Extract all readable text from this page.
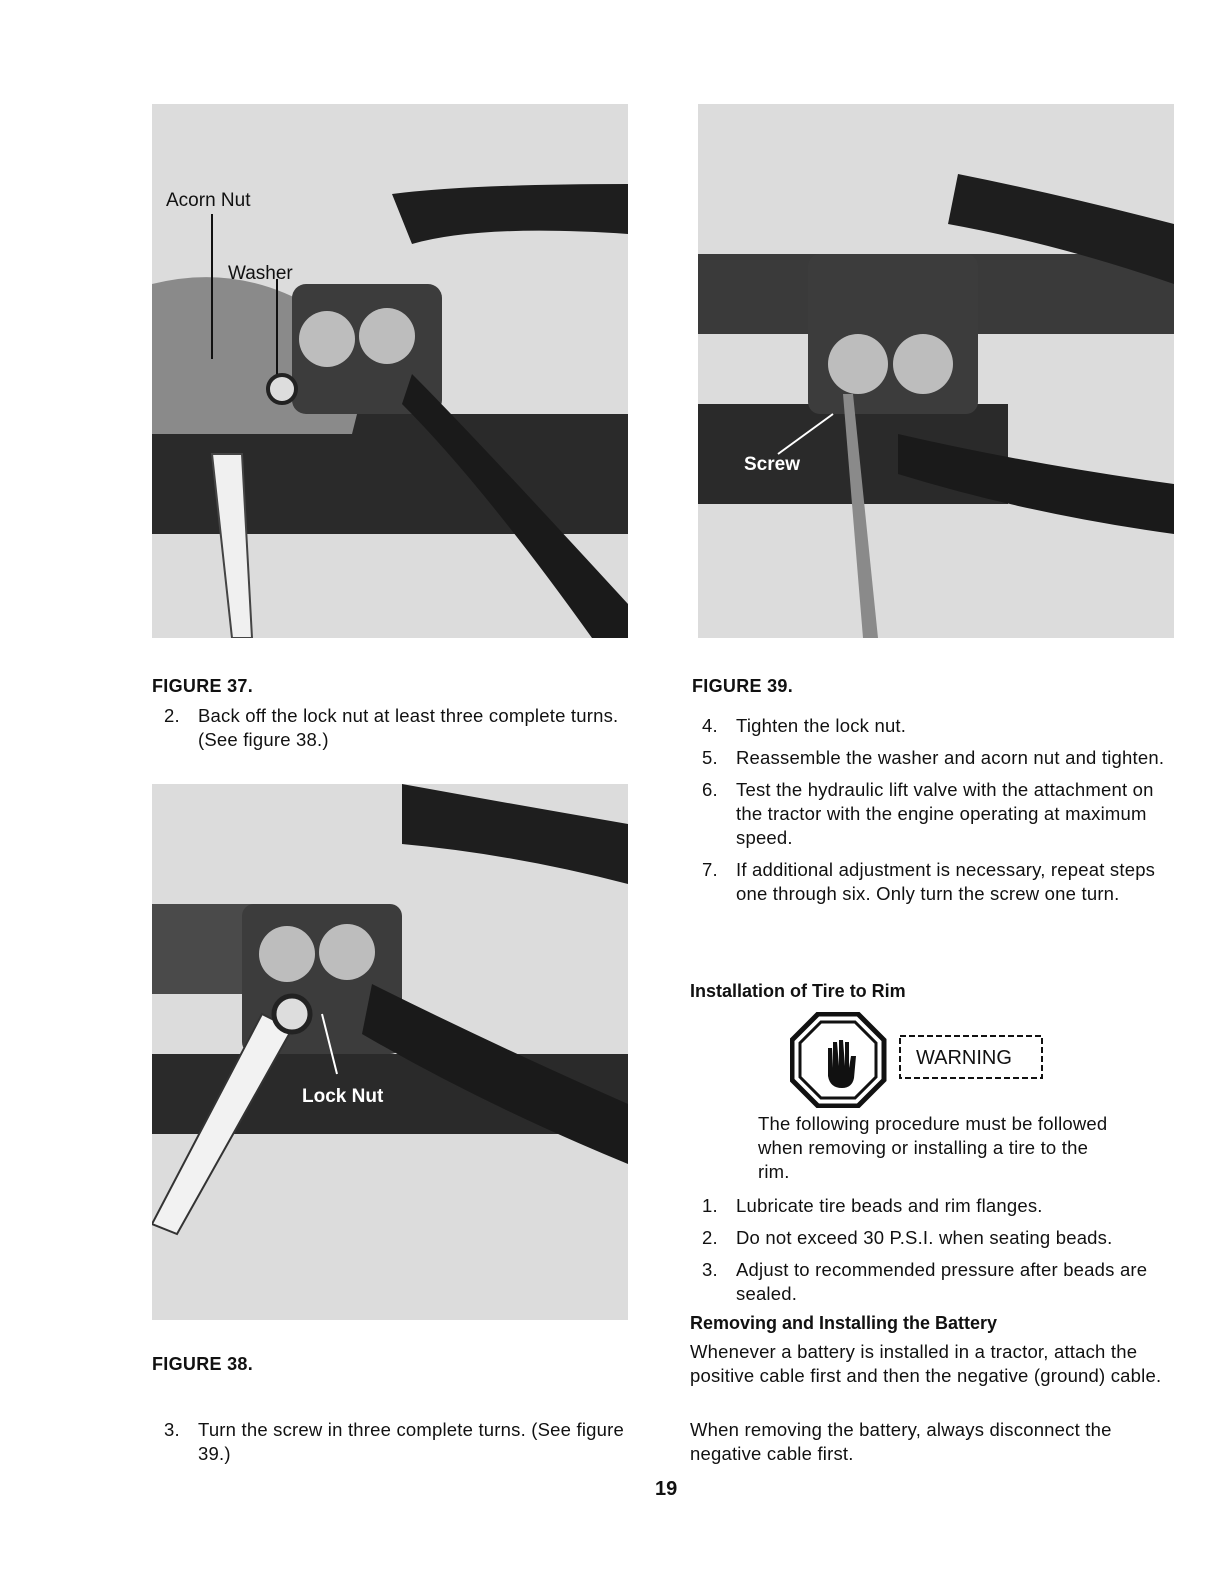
Acorn Nut
Washer
FIGURE 37.
2. Back off the lock nut at least three complete turns. (See figure 38.)
Lock Nut
FIGURE 38.
3. Turn the screw in three complete turns. (See figure 39.)
Screw
FIGURE 39.
4. Tighten the lock nut.
5. Reassemble the washer and acorn nut and tighten.
6. Test the hydraulic lift valve with the attachment on the tractor with the engine operating at maximum speed.
7. If additional adjustment is necessary, repeat steps one through six. Only turn the screw one turn.
Installation of Tire to Rim
WARNING
The following procedure must be followed when removing or installing a tire to the rim.
1. Lubricate tire beads and rim flanges.
2. Do not exceed 30 P.S.I. when seating beads.
3. Adjust to recommended pressure after beads are sealed.
Removing and Installing the Battery
Whenever a battery is installed in a tractor, attach the positive cable first and then the negative (ground) cable.
When removing the battery, always disconnect the negative cable first.
19
